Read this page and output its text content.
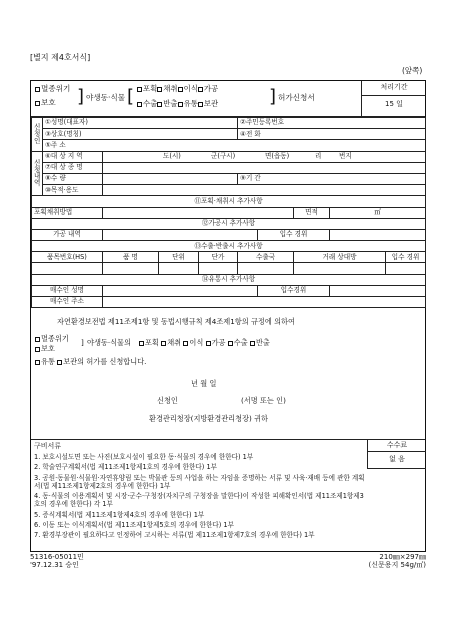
[별지 제4호서식]
(앞쪽)
멸종위기
보호	] 야생동·식물 [	포획 채취 이식 가공
수출 반출 유통 보관	] 허가신청서
처리기간
15 일
신
청
인	①성명(대표자)				②주민등록번호				
	③상호(명칭)				④전 화				
	⑤주 소								
신
청
내
역	⑥대 상 지 역	도(시) 군(구시) 면(읍동) 리 번지							
	⑦대 상 종 명								
	⑧수 량				⑨기 간				
	⑩목적·용도								
⑪포획·채취시 추가사항									
포획채취방법							면적	㎡	
⑫가공시 추가사항									
가공 내역						입수 경위			
⑬수출·반출시 추가사항									
품목번호(HS)		품 명	단위	단가	수출국		거래 상대방		입수 경위

⑭유통시 추가사항									
매수인 성명						입수경위			
매수인 주소									
자연환경보전법 제11조제1항 및 동법시행규칙 제4조제1항의 규정에 의하여
멸종위기
보호
] 야생동·식물의	포획 채취 이식 가공 수출 반출
유통 보관의 허가를 신청합니다.
년 월 일
신청인	(서명 또는 인)
환경관리청장(지방환경관리청장) 귀하
구비서류	수수료
없 음
1. 보호시설도면 또는 사진(보호시설이 필요한 동·식물의 경우에 한한다) 1부
2. 학술연구계획서(법 제11조제1항제1호의 경우에 한한다) 1부
3. 공원·동물원·식물원·자연휴양림 또는 박물관 등의 사업을 하는 자임을 증명하는 서류 및 사육·재배 등에 관한 계획서(법 제11조제1항제2호의 경우에 한한다) 1부
4. 동·식물의 이용계획서 및 시장·군수·구청장(자치구의 구청장을 말한다)이 작성한 피해확인서(법 제11조제1항제3호의 경우에 한한다) 각 1부
5. 증식계획서(법 제11조제1항제4호의 경우에 한한다) 1부
6. 이동 또는 이식계획서(법 제11조제1항제5호의 경우에 한한다) 1부
7. 환경부장관이 필요하다고 인정하여 고시하는 서류(법 제11조제1항제7호의 경우에 한한다) 1부
51316-05011민
'97.12.31 승인
210㎜×297㎜
(신문용지 54g/㎡)
